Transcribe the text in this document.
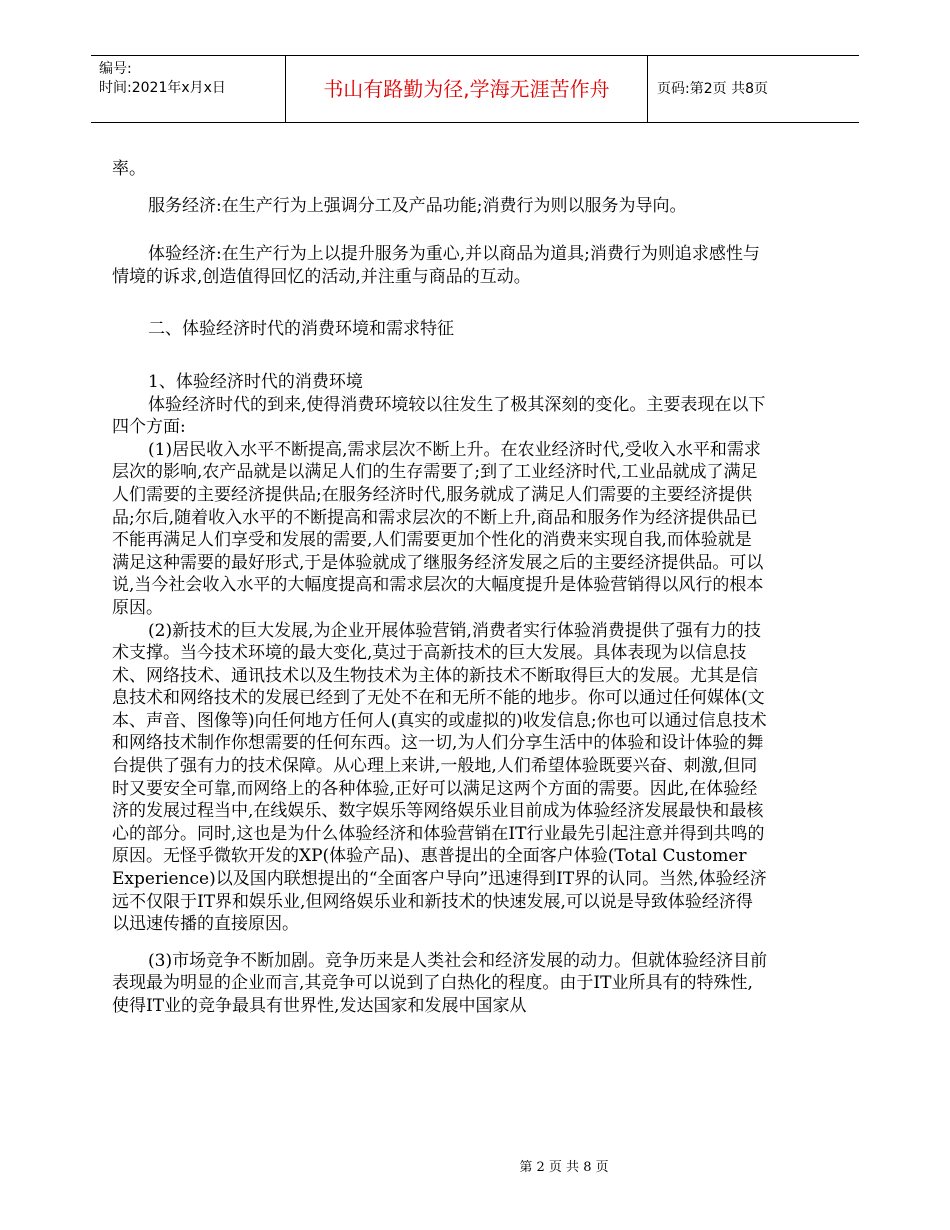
编号:
时间:2021年x月x日	书山有路勤为径,学海无涯苦作舟	页码:第2页 共8页

率。

服务经济:在生产行为上强调分工及产品功能;消费行为则以服务为导向。

体验经济:在生产行为上以提升服务为重心,并以商品为道具;消费行为则追求感性与情境的诉求,创造值得回忆的活动,并注重与商品的互动。

二、体验经济时代的消费环境和需求特征

1、体验经济时代的消费环境

体验经济时代的到来,使得消费环境较以往发生了极其深刻的变化。主要表现在以下四个方面:

(1)居民收入水平不断提高,需求层次不断上升。在农业经济时代,受收入水平和需求层次的影响,农产品就是以满足人们的生存需要了;到了工业经济时代,工业品就成了满足人们需要的主要经济提供品;在服务经济时代,服务就成了满足人们需要的主要经济提供品;尔后,随着收入水平的不断提高和需求层次的不断上升,商品和服务作为经济提供品已不能再满足人们享受和发展的需要,人们需要更加个性化的消费来实现自我,而体验就是满足这种需要的最好形式,于是体验就成了继服务经济发展之后的主要经济提供品。可以说,当今社会收入水平的大幅度提高和需求层次的大幅度提升是体验营销得以风行的根本原因。

(2)新技术的巨大发展,为企业开展体验营销,消费者实行体验消费提供了强有力的技术支撑。当今技术环境的最大变化,莫过于高新技术的巨大发展。具体表现为以信息技术、网络技术、通讯技术以及生物技术为主体的新技术不断取得巨大的发展。尤其是信息技术和网络技术的发展已经到了无处不在和无所不能的地步。你可以通过任何媒体(文本、声音、图像等)向任何地方任何人(真实的或虚拟的)收发信息;你也可以通过信息技术和网络技术制作你想需要的任何东西。这一切,为人们分享生活中的体验和设计体验的舞台提供了强有力的技术保障。从心理上来讲,一般地,人们希望体验既要兴奋、刺激,但同时又要安全可靠,而网络上的各种体验,正好可以满足这两个方面的需要。因此,在体验经济的发展过程当中,在线娱乐、数字娱乐等网络娱乐业目前成为体验经济发展最快和最核心的部分。同时,这也是为什么体验经济和体验营销在IT行业最先引起注意并得到共鸣的原因。无怪乎微软开发的XP(体验产品)、惠普提出的全面客户体验(Total Customer Experience)以及国内联想提出的“全面客户导向”迅速得到IT界的认同。当然,体验经济远不仅限于IT界和娱乐业,但网络娱乐业和新技术的快速发展,可以说是导致体验经济得以迅速传播的直接原因。

(3)市场竞争不断加剧。竞争历来是人类社会和经济发展的动力。但就体验经济目前表现最为明显的企业而言,其竞争可以说到了白热化的程度。由于IT业所具有的特殊性,使得IT业的竞争最具有世界性,发达国家和发展中国家从

第 2 页 共 8 页
